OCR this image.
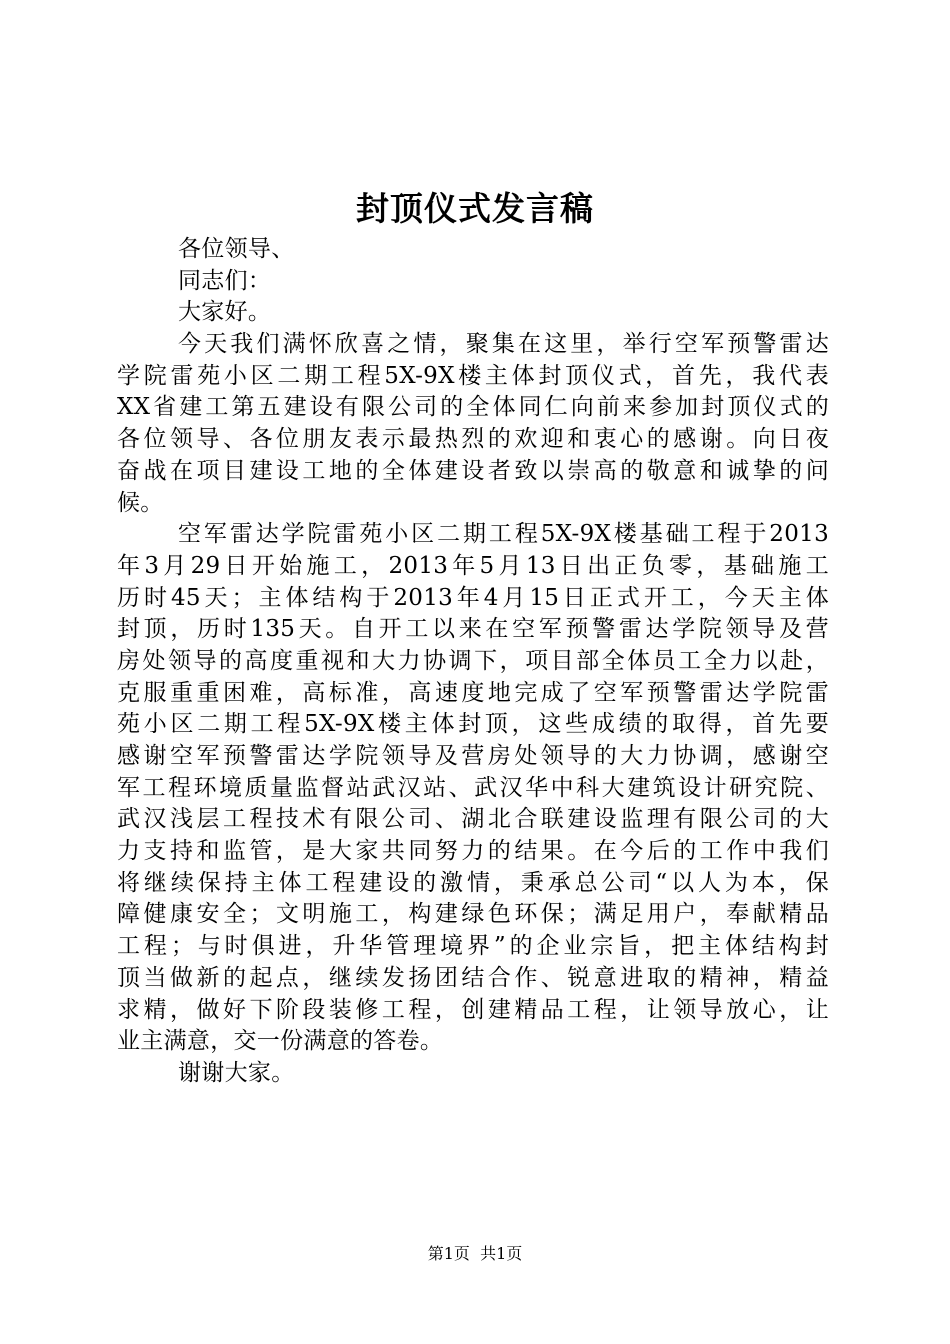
封顶仪式发言稿
各位领导、
同志们：
大家好。
今天我们满怀欣喜之情，聚集在这里，举行空军预警雷达
学院雷苑小区二期工程5X-9X楼主体封顶仪式，首先，我代表
XX省建工第五建设有限公司的全体同仁向前来参加封顶仪式的
各位领导、各位朋友表示最热烈的欢迎和衷心的感谢。向日夜
奋战在项目建设工地的全体建设者致以崇高的敬意和诚挚的问
候。
空军雷达学院雷苑小区二期工程5X-9X楼基础工程于2013
年3月29日开始施工，2013年5月13日出正负零，基础施工
历时45天；主体结构于2013年4月15日正式开工，今天主体
封顶，历时135天。自开工以来在空军预警雷达学院领导及营
房处领导的高度重视和大力协调下，项目部全体员工全力以赴，
克服重重困难，高标准，高速度地完成了空军预警雷达学院雷
苑小区二期工程5X-9X楼主体封顶，这些成绩的取得，首先要
感谢空军预警雷达学院领导及营房处领导的大力协调，感谢空
军工程环境质量监督站武汉站、武汉华中科大建筑设计研究院、
武汉浅层工程技术有限公司、湖北合联建设监理有限公司的大
力支持和监管，是大家共同努力的结果。在今后的工作中我们
将继续保持主体工程建设的激情，秉承总公司“以人为本，保
障健康安全；文明施工，构建绿色环保；满足用户，奉献精品
工程；与时俱进，升华管理境界”的企业宗旨，把主体结构封
顶当做新的起点，继续发扬团结合作、锐意进取的精神，精益
求精，做好下阶段装修工程，创建精品工程，让领导放心，让
业主满意，交一份满意的答卷。
谢谢大家。
第1页  共1页
